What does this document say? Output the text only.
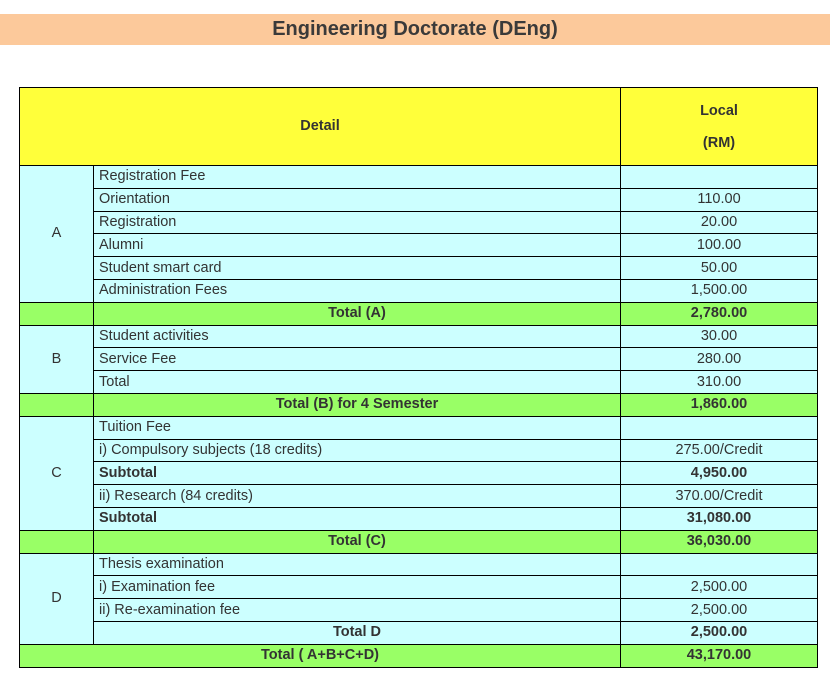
Engineering Doctorate (DEng)
Detail		Local
(RM)

A	Registration Fee	
	Orientation	110.00
	Registration	20.00
	Alumni	100.00
	Student smart card	50.00
	Administration Fees	1,500.00
	Total (A)	2,780.00
B	Student activities	30.00
	Service Fee	280.00
	Total	310.00
	Total (B) for 4 Semester	1,860.00
C	Tuition Fee	
	i) Compulsory subjects (18 credits)	275.00/Credit
	Subtotal	4,950.00
	ii) Research (84 credits)	370.00/Credit
	Subtotal	31,080.00
	Total (C)	36,030.00
D	Thesis examination	
	i) Examination fee	2,500.00
	ii) Re-examination fee	2,500.00
	Total D	2,500.00
Total ( A+B+C+D)		43,170.00
